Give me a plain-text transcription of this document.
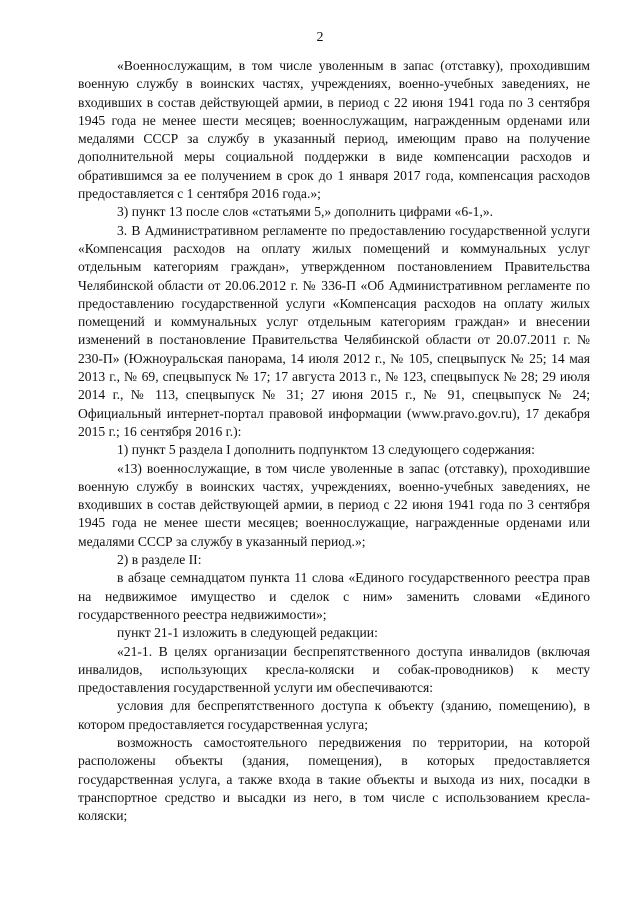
2

«Военнослужащим, в том числе уволенным в запас (отставку), проходившим военную службу в воинских частях, учреждениях, военно-учебных заведениях, не входивших в состав действующей армии, в период с 22 июня 1941 года по 3 сентября 1945 года не менее шести месяцев; военнослужащим, награжденным орденами или медалями СССР за службу в указанный период, имеющим право на получение дополнительной меры социальной поддержки в виде компенсации расходов и обратившимся за ее получением в срок до 1 января 2017 года, компенсация расходов предоставляется с 1 сентября 2016 года.»;

3) пункт 13 после слов «статьями 5,» дополнить цифрами «6-1,».

3. В Административном регламенте по предоставлению государственной услуги «Компенсация расходов на оплату жилых помещений и коммунальных услуг отдельным категориям граждан», утвержденном постановлением Правительства Челябинской области от 20.06.2012 г. № 336-П «Об Административном регламенте по предоставлению государственной услуги «Компенсация расходов на оплату жилых помещений и коммунальных услуг отдельным категориям граждан» и внесении изменений в постановление Правительства Челябинской области от 20.07.2011 г. № 230-П» (Южноуральская панорама, 14 июля 2012 г., № 105, спецвыпуск № 25; 14 мая 2013 г., № 69, спецвыпуск № 17; 17 августа 2013 г., № 123, спецвыпуск № 28; 29 июля 2014 г., № 113, спецвыпуск № 31; 27 июня 2015 г., № 91, спецвыпуск № 24; Официальный интернет-портал правовой информации (www.pravo.gov.ru), 17 декабря 2015 г.; 16 сентября 2016 г.):

1) пункт 5 раздела I дополнить подпунктом 13 следующего содержания:

«13) военнослужащие, в том числе уволенные в запас (отставку), проходившие военную службу в воинских частях, учреждениях, военно-учебных заведениях, не входивших в состав действующей армии, в период с 22 июня 1941 года по 3 сентября 1945 года не менее шести месяцев; военнослужащие, награжденные орденами или медалями СССР за службу в указанный период.»;

2) в разделе II:

в абзаце семнадцатом пункта 11 слова «Единого государственного реестра прав на недвижимое имущество и сделок с ним» заменить словами «Единого государственного реестра недвижимости»;

пункт 21-1 изложить в следующей редакции:

«21-1. В целях организации беспрепятственного доступа инвалидов (включая инвалидов, использующих кресла-коляски и собак-проводников) к месту предоставления государственной услуги им обеспечиваются:

условия для беспрепятственного доступа к объекту (зданию, помещению), в котором предоставляется государственная услуга;

возможность самостоятельного передвижения по территории, на которой расположены объекты (здания, помещения), в которых предоставляется государственная услуга, а также входа в такие объекты и выхода из них, посадки в транспортное средство и высадки из него, в том числе с использованием кресла-коляски;
